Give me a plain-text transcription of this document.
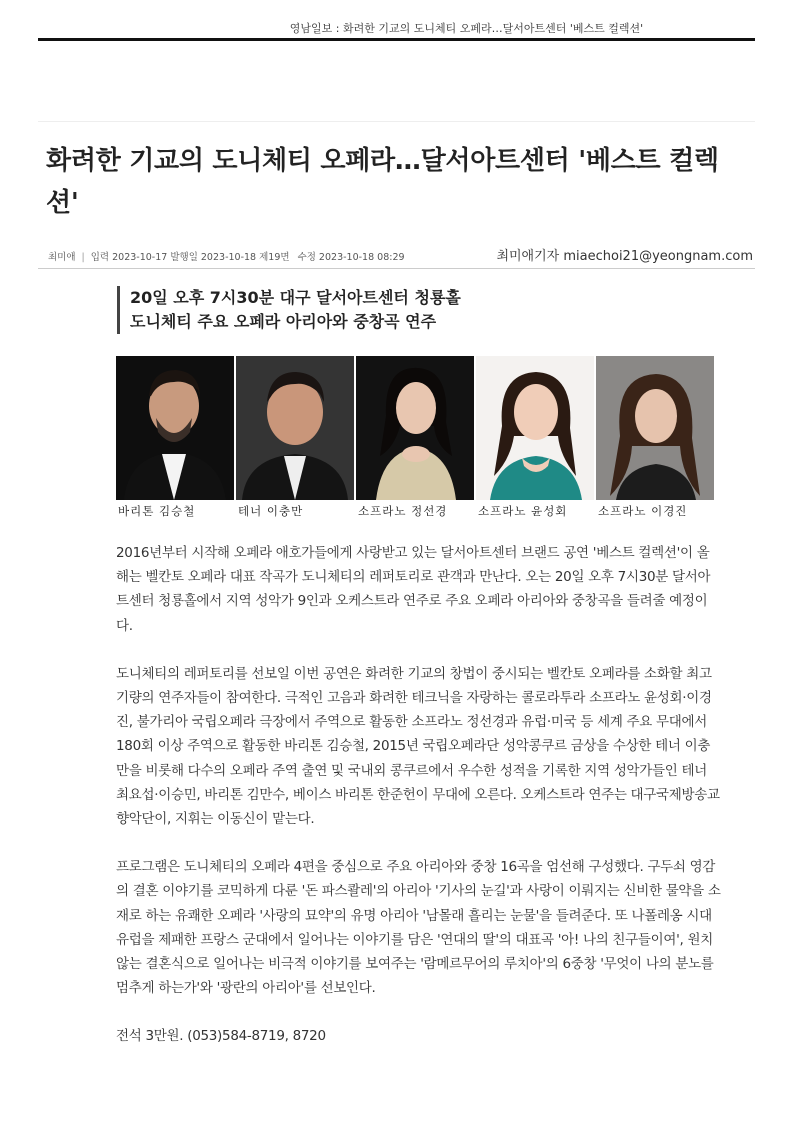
영남일보 : 화려한 기교의 도니체티 오페라…달서아트센터 '베스트 컬렉션'
화려한 기교의 도니체티 오페라…달서아트센터 '베스트 컬렉션'
최미애 | 입력 2023-10-17 발행일 2023-10-18 제19면 수정 2023-10-18 08:29	최미애기자 miaechoi21@yeongnam.com
20일 오후 7시30분 대구 달서아트센터 청룡홀
도니체티 주요 오페라 아리아와 중창곡 연주
바리톤 김승철	테너 이충만	소프라노 정선경	소프라노 윤성회	소프라노 이경진

2016년부터 시작해 오페라 애호가들에게 사랑받고 있는 달서아트센터 브랜드 공연 '베스트 컬렉션'이 올해는 벨칸토 오페라 대표 작곡가 도니체티의 레퍼토리로 관객과 만난다. 오는 20일 오후 7시30분 달서아트센터 청룡홀에서 지역 성악가 9인과 오케스트라 연주로 주요 오페라 아리아와 중창곡을 들려줄 예정이다.

도니체티의 레퍼토리를 선보일 이번 공연은 화려한 기교의 창법이 중시되는 벨칸토 오페라를 소화할 최고 기량의 연주자들이 참여한다. 극적인 고음과 화려한 테크닉을 자랑하는 콜로라투라 소프라노 윤성회·이경진, 불가리아 국립오페라 극장에서 주역으로 활동한 소프라노 정선경과 유럽·미국 등 세계 주요 무대에서 180회 이상 주역으로 활동한 바리톤 김승철, 2015년 국립오페라단 성악콩쿠르 금상을 수상한 테너 이충만을 비롯해 다수의 오페라 주역 출연 및 국내외 콩쿠르에서 우수한 성적을 기록한 지역 성악가들인 테너 최요섭·이승민, 바리톤 김만수, 베이스 바리톤 한준헌이 무대에 오른다. 오케스트라 연주는 대구국제방송교향악단이, 지휘는 이동신이 맡는다.

프로그램은 도니체티의 오페라 4편을 중심으로 주요 아리아와 중창 16곡을 엄선해 구성했다. 구두쇠 영감의 결혼 이야기를 코믹하게 다룬 '돈 파스콸레'의 아리아 '기사의 눈길'과 사랑이 이뤄지는 신비한 물약을 소재로 하는 유쾌한 오페라 '사랑의 묘약'의 유명 아리아 '남몰래 흘리는 눈물'을 들려준다. 또 나폴레옹 시대 유럽을 제패한 프랑스 군대에서 일어나는 이야기를 담은 '연대의 딸'의 대표곡 '아! 나의 친구들이여', 원치 않는 결혼식으로 일어나는 비극적 이야기를 보여주는 '람메르무어의 루치아'의 6중창 '무엇이 나의 분노를 멈추게 하는가'와 '광란의 아리아'를 선보인다.

전석 3만원. (053)584-8719, 8720
